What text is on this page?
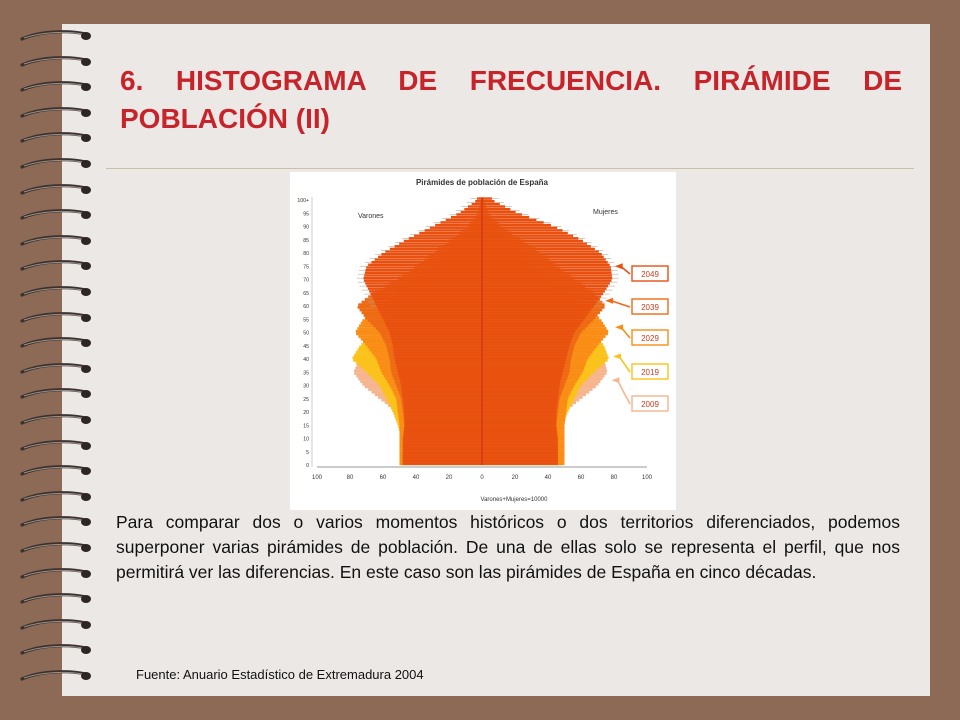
6. HISTOGRAMA DE FRECUENCIA. PIRÁMIDE DE

POBLACIÓN (II)
100	80	60	40	20	0	20	40	60	80	100
0
5
10
15
20
25
30
35
40
45
50
55
60
65
70
75
80
85
90
95
100+
2049
2039
2029
2019
2009
Pirámides de población de España
Varones
Mujeres
Varones+Mujeres=10000

Para comparar dos o varios momentos históricos o dos territorios diferenciados, podemos superponer varias pirámides de población. De una de ellas solo se representa el perfil, que nos permitirá ver las diferencias. En este caso son las pirámides de España en cinco décadas.

Fuente: Anuario Estadístico de Extremadura 2004
